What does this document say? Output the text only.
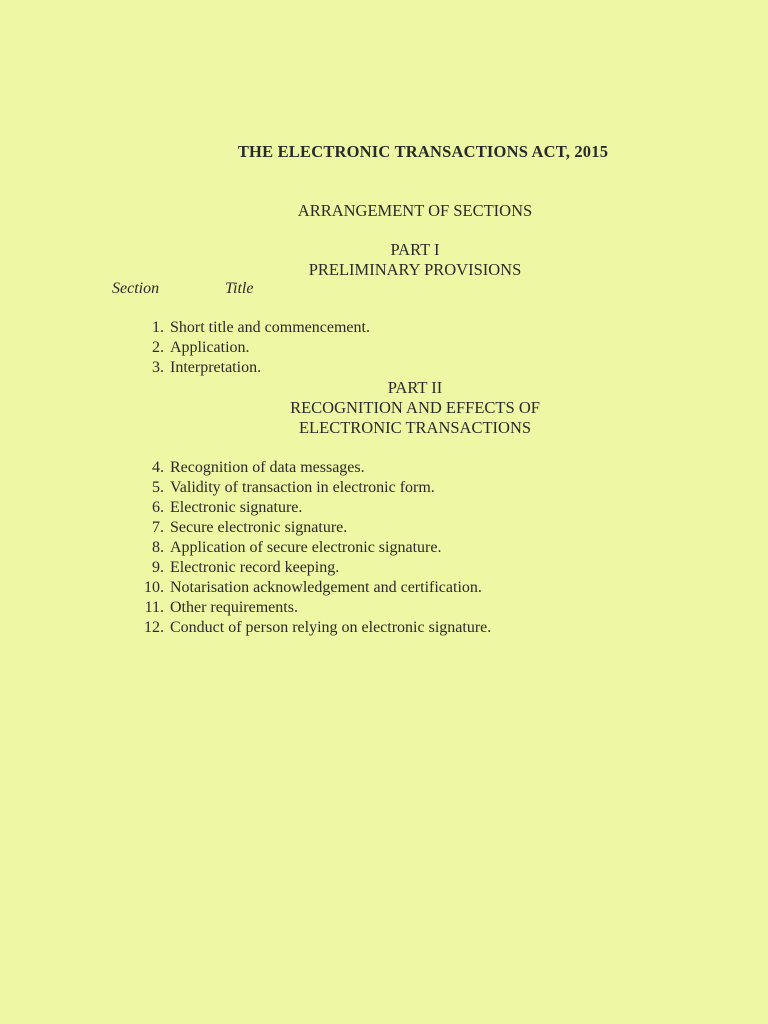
THE ELECTRONIC TRANSACTIONS ACT, 2015
ARRANGEMENT OF SECTIONS
PART I
PRELIMINARY PROVISIONS
Section	Title
1. Short title and commencement.
2. Application.
3. Interpretation.
PART II
RECOGNITION AND EFFECTS OF
ELECTRONIC TRANSACTIONS
4. Recognition of data messages.
5. Validity of transaction in electronic form.
6. Electronic signature.
7. Secure electronic signature.
8. Application of secure electronic signature.
9. Electronic record keeping.
10. Notarisation acknowledgement and certification.
11. Other requirements.
12. Conduct of person relying on electronic signature.
